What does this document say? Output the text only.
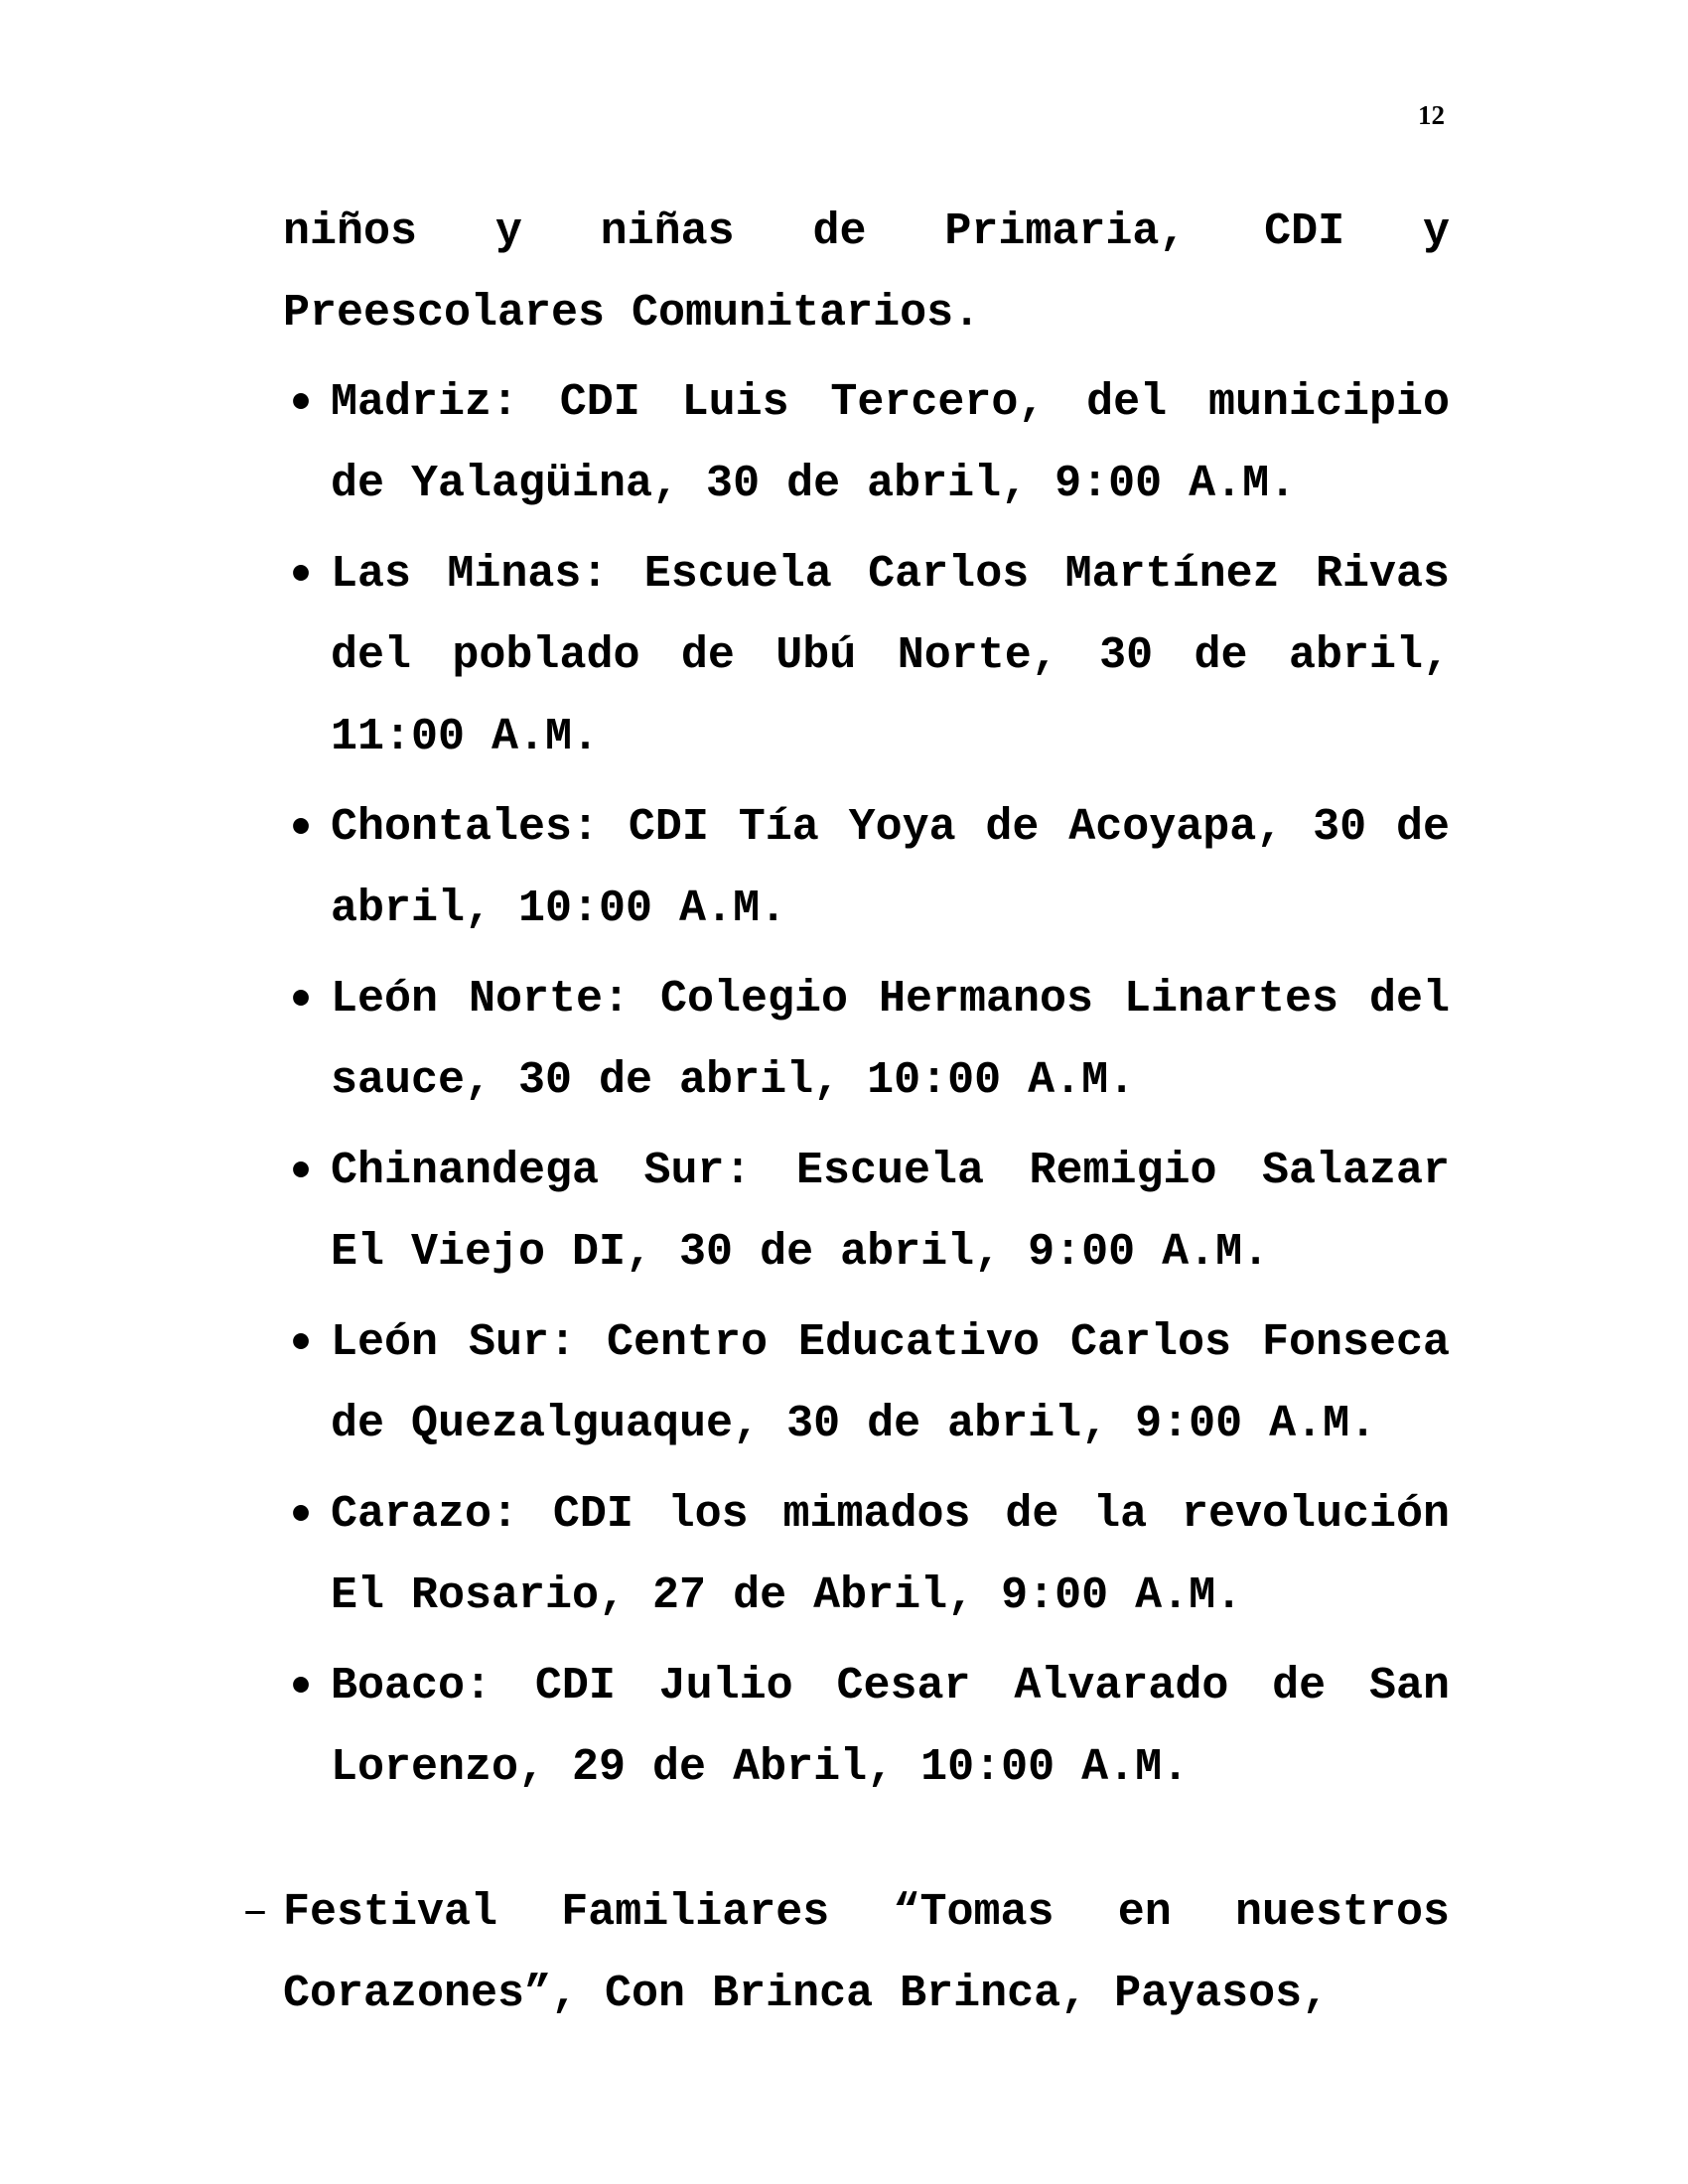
12

niños y niñas de Primaria, CDI y Preescolares Comunitarios.

• Madriz: CDI Luis Tercero, del municipio de Yalagüina, 30 de abril, 9:00 A.M.
• Las Minas: Escuela Carlos Martínez Rivas del poblado de Ubú Norte, 30 de abril, 11:00 A.M.
• Chontales: CDI Tía Yoya de Acoyapa, 30 de abril, 10:00 A.M.
• León Norte: Colegio Hermanos Linartes del sauce, 30 de abril, 10:00 A.M.
• Chinandega Sur: Escuela Remigio Salazar El Viejo DI, 30 de abril, 9:00 A.M.
• León Sur: Centro Educativo Carlos Fonseca de Quezalguaque, 30 de abril, 9:00 A.M.
• Carazo: CDI los mimados de la revolución El Rosario, 27 de Abril, 9:00 A.M.
• Boaco: CDI Julio Cesar Alvarado de San Lorenzo, 29 de Abril, 10:00 A.M.
– Festival Familiares “Tomas en nuestros Corazones”, Con Brinca Brinca, Payasos,
